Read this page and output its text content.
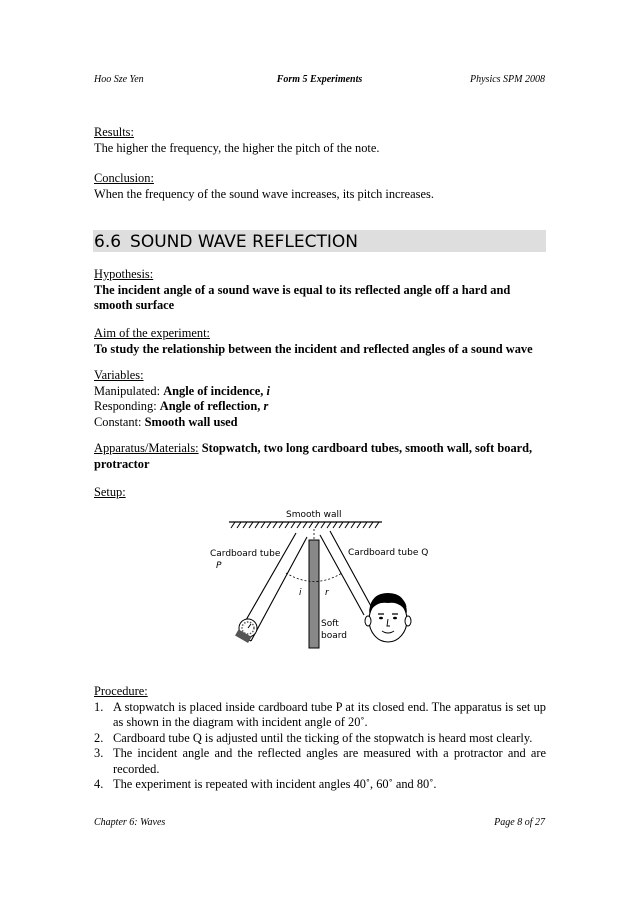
Hoo Sze Yen	Form 5 Experiments	Physics SPM 2008
Results:
The higher the frequency, the higher the pitch of the note.
Conclusion:
When the frequency of the sound wave increases, its pitch increases.
6.6 SOUND WAVE REFLECTION
Hypothesis:
The incident angle of a sound wave is equal to its reflected angle off a hard and smooth surface
Aim of the experiment:
To study the relationship between the incident and reflected angles of a sound wave
Variables:
Manipulated: Angle of incidence, i
Responding: Angle of reflection, r
Constant: Smooth wall used
Apparatus/Materials: Stopwatch, two long cardboard tubes, smooth wall, soft board, protractor
Setup:
Smooth wall
i	r
Cardboard tube
P
Cardboard tube Q
Soft
board
Procedure:
1. A stopwatch is placed inside cardboard tube P at its closed end. The apparatus is set up as shown in the diagram with incident angle of 20˚.
2. Cardboard tube Q is adjusted until the ticking of the stopwatch is heard most clearly.
3. The incident angle and the reflected angles are measured with a protractor and are recorded.
4. The experiment is repeated with incident angles 40˚, 60˚ and 80˚.
Chapter 6: Waves	Page 8 of 27
